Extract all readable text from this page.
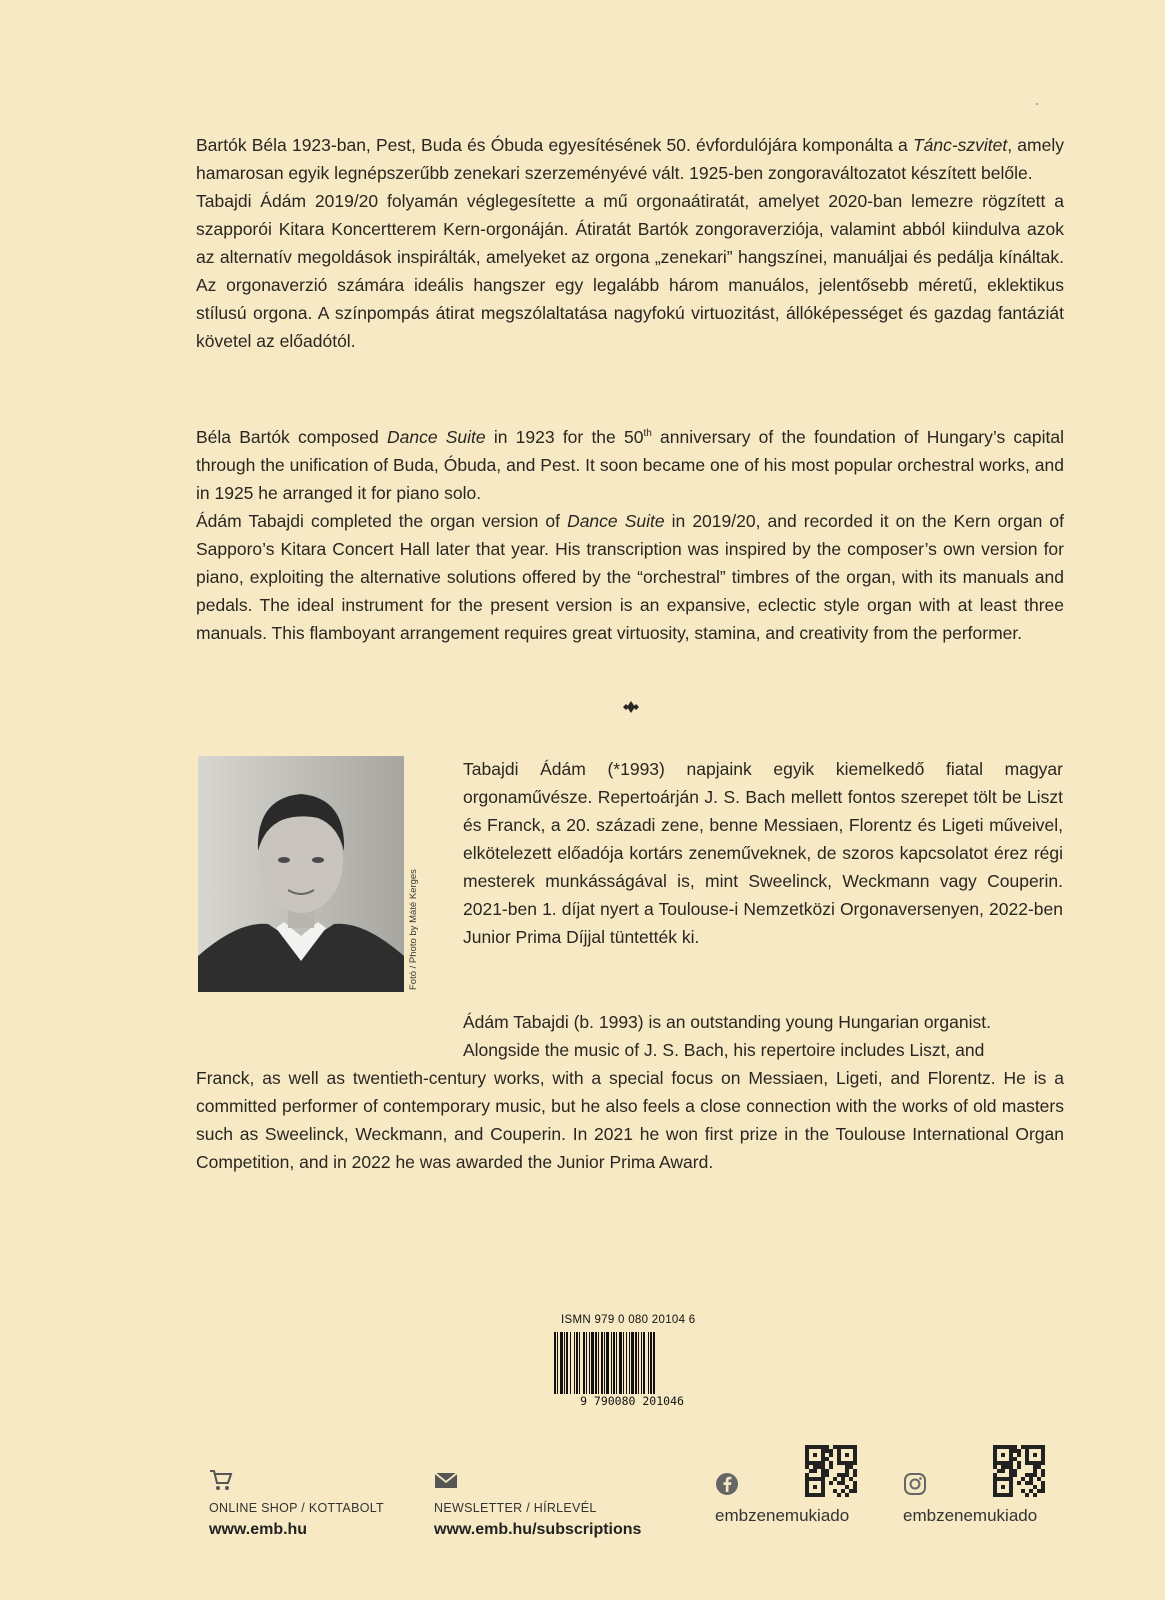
Bartók Béla 1923-ban, Pest, Buda és Óbuda egyesítésének 50. évfordulójára komponálta a Tánc-szvitet, amely hamarosan egyik legnépszerűbb zenekari szerzeményévé vált. 1925-ben zongoraváltozatot készített belőle.

Tabajdi Ádám 2019/20 folyamán véglegesítette a mű orgonaátiratát, amelyet 2020-ban lemezre rögzített a szapporói Kitara Koncertterem Kern-orgonáján. Átiratát Bartók zongoraverziója, valamint abból kiindulva azok az alternatív megoldások inspirálták, amelyeket az orgona „zenekari” hangszínei, manuáljai és pedálja kínáltak. Az orgonaverzió számára ideális hangszer egy legalább három manuálos, jelentősebb méretű, eklektikus stílusú orgona. A színpompás átirat megszólaltatása nagyfokú virtuozitást, állóképességet és gazdag fantáziát követel az előadótól.

Béla Bartók composed Dance Suite in 1923 for the 50th anniversary of the foundation of Hungary’s capital through the unification of Buda, Óbuda, and Pest. It soon became one of his most popular orchestral works, and in 1925 he arranged it for piano solo.

Ádám Tabajdi completed the organ version of Dance Suite in 2019/20, and recorded it on the Kern organ of Sapporo’s Kitara Concert Hall later that year. His transcription was inspired by the composer’s own version for piano, exploiting the alternative solutions offered by the “orchestral” timbres of the organ, with its manuals and pedals. The ideal instrument for the present version is an expansive, eclectic style organ with at least three manuals. This flamboyant arrangement requires great virtuosity, stamina, and creativity from the performer.

Fotó / Photo by Máté Kerges

Tabajdi Ádám (*1993) napjaink egyik kiemelkedő fiatal magyar orgonaművésze. Repertoárján J. S. Bach mellett fontos szerepet tölt be Liszt és Franck, a 20. századi zene, benne Messiaen, Florentz és Ligeti műveivel, elkötelezett előadója kortárs zeneműveknek, de szoros kapcsolatot érez régi mesterek munkásságával is, mint Sweelinck, Weckmann vagy Couperin. 2021-ben 1. díjat nyert a Toulouse-i Nemzetközi Orgonaversenyen, 2022-ben Junior Prima Díjjal tüntették ki.

Ádám Tabajdi (b. 1993) is an outstanding young Hungarian organist.
Alongside the music of J. S. Bach, his repertoire includes Liszt, and
Franck, as well as twentieth-century works, with a special focus on Messiaen, Ligeti, and Florentz. He is a committed performer of contemporary music, but he also feels a close connection with the works of old masters such as Sweelinck, Weckmann, and Couperin. In 2021 he won first prize in the Toulouse International Organ Competition, and in 2022 he was awarded the Junior Prima Award.
ISMN 979 0 080 20104 6
9 790080 201046
ONLINE SHOP / KOTTABOLT
www.emb.hu
NEWSLETTER / HÍRLEVÉL
www.emb.hu/subscriptions
embzenemukiado	embzenemukiado
